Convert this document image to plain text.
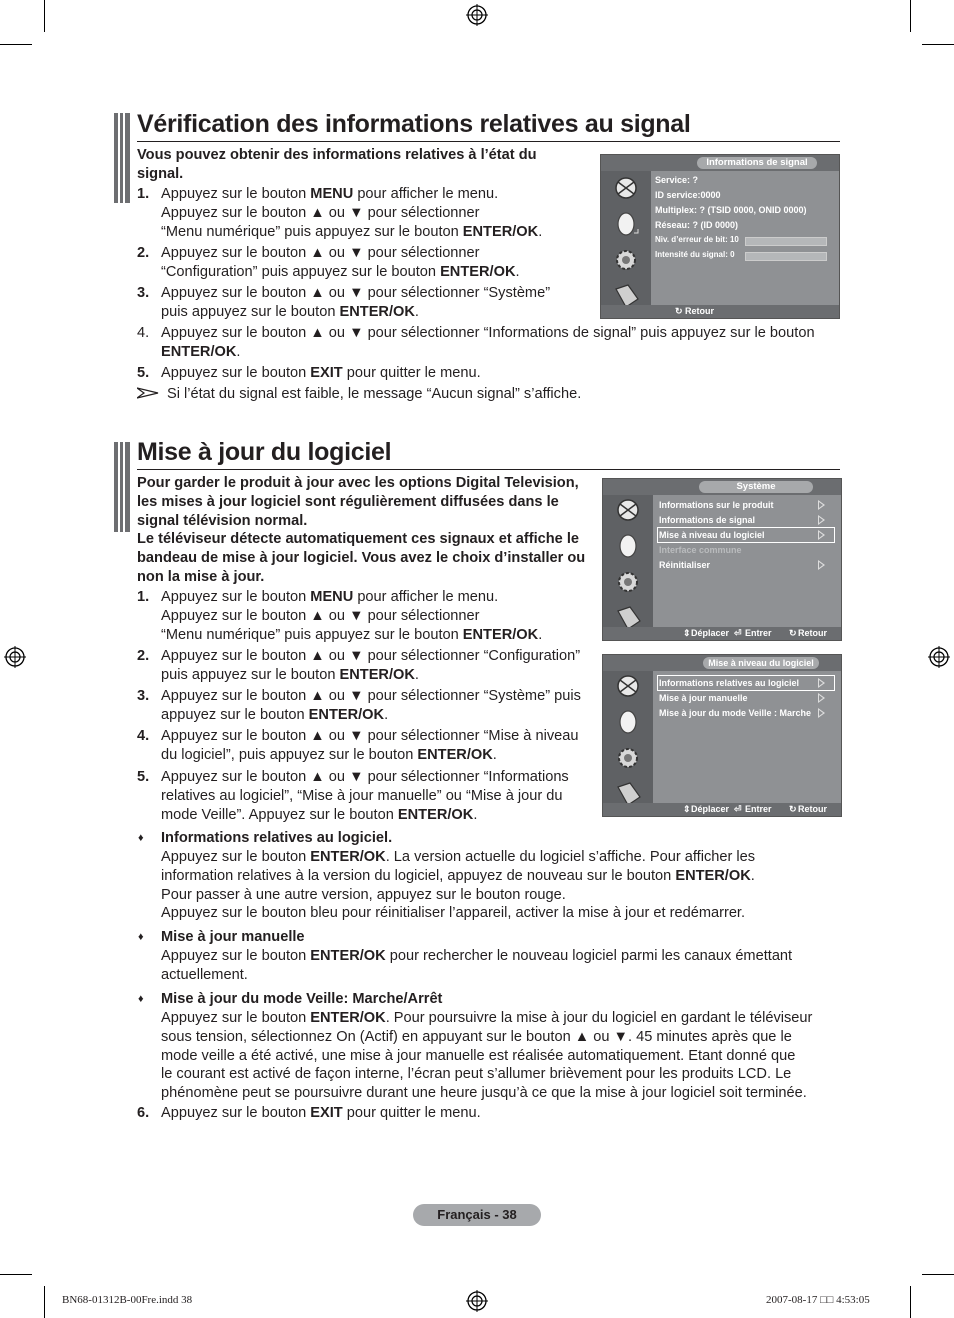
Vérification des informations relatives au signal
Vous pouvez obtenir des informations relatives à l’état du signal.
1. Appuyez sur le bouton MENU pour afficher le menu.
Appuyez sur le bouton ▲ ou ▼ pour sélectionner
“Menu numérique” puis appuyez sur le bouton ENTER/OK.
2. Appuyez sur le bouton ▲ ou ▼ pour sélectionner
“Configuration” puis appuyez sur le bouton ENTER/OK.
3. Appuyez sur le bouton ▲ ou ▼ pour sélectionner “Système”
puis appuyez sur le bouton ENTER/OK.
4. Appuyez sur le bouton ▲ ou ▼ pour sélectionner “Informations de signal” puis appuyez sur le bouton
ENTER/OK.
5. Appuyez sur le bouton EXIT pour quitter le menu.
Si l’état du signal est faible, le message “Aucun signal” s’affiche.
Informations de signal
Service: ?
ID service:0000
Multiplex: ? (TSID 0000, ONID 0000)
Réseau: ? (ID 0000)
Niv. d’erreur de bit: 10
Intensité du signal: 0
↻ Retour
Mise à jour du logiciel
Pour garder le produit à jour avec les options Digital Television, les mises à jour logiciel sont régulièrement diffusées dans le signal télévision normal.
Le téléviseur détecte automatiquement ces signaux et affiche le bandeau de mise à jour logiciel. Vous avez le choix d’installer ou non la mise à jour.
1. Appuyez sur le bouton MENU pour afficher le menu.
Appuyez sur le bouton ▲ ou ▼ pour sélectionner
“Menu numérique” puis appuyez sur le bouton ENTER/OK.
2. Appuyez sur le bouton ▲ ou ▼ pour sélectionner “Configuration”
puis appuyez sur le bouton ENTER/OK.
3. Appuyez sur le bouton ▲ ou ▼ pour sélectionner “Système” puis
appuyez sur le bouton ENTER/OK.
4. Appuyez sur le bouton ▲ ou ▼ pour sélectionner “Mise à niveau
du logiciel”, puis appuyez sur le bouton ENTER/OK.
5. Appuyez sur le bouton ▲ ou ▼ pour sélectionner “Informations
relatives au logiciel”, “Mise à jour manuelle” ou “Mise à jour du
mode Veille”. Appuyez sur le bouton ENTER/OK.
♦ Informations relatives au logiciel.
Appuyez sur le bouton ENTER/OK. La version actuelle du logiciel s’affiche. Pour afficher les
information relatives à la version du logiciel, appuyez de nouveau sur le bouton ENTER/OK.
Pour passer à une autre version, appuyez sur le bouton rouge.
Appuyez sur le bouton bleu pour réinitialiser l’appareil, activer la mise à jour et redémarrer.
♦ Mise à jour manuelle
Appuyez sur le bouton ENTER/OK pour rechercher le nouveau logiciel parmi les canaux émettant
actuellement.
♦ Mise à jour du mode Veille: Marche/Arrêt
Appuyez sur le bouton ENTER/OK. Pour poursuivre la mise à jour du logiciel en gardant le téléviseur
sous tension, sélectionnez On (Actif) en appuyant sur le bouton ▲ ou ▼. 45 minutes après que le
mode veille a été activé, une mise à jour manuelle est réalisée automatiquement. Etant donné que
le courant est activé de façon interne, l’écran peut s’allumer brièvement pour les produits LCD. Le
phénomène peut se poursuivre durant une heure jusqu’à ce que la mise à jour logiciel soit terminée.
6. Appuyez sur le bouton EXIT pour quitter le menu.
Système
Informations sur le produit
Informations de signal
Mise à niveau du logiciel
Interface commune
Réinitialiser
⇕ Déplacer ⏎ Entrer ↻ Retour
Mise à niveau du logiciel
Informations relatives au logiciel
Mise à jour manuelle
Mise à jour du mode Veille : Marche
⇕ Déplacer ⏎ Entrer ↻ Retour
Français - 38
BN68-01312B-00Fre.indd 38	2007-08-17 □□ 4:53:05
